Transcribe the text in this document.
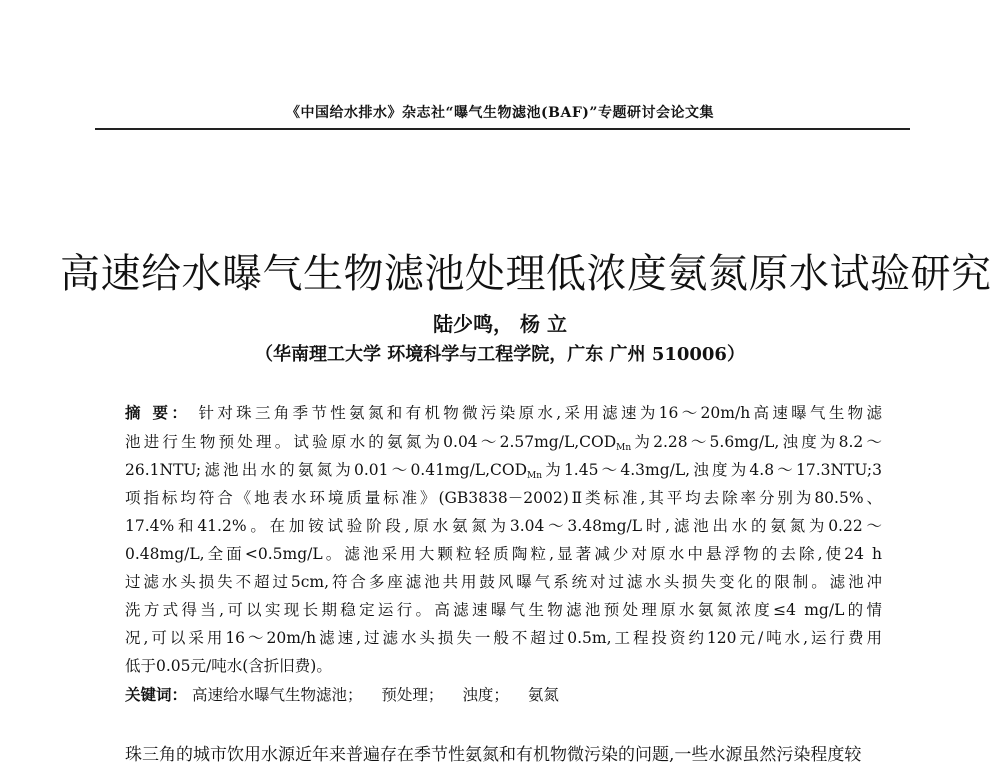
《中国给水排水》杂志社“曝气生物滤池(BAF)”专题研讨会论文集
高速给水曝气生物滤池处理低浓度氨氮原水试验研究
陆少鸣， 杨 立
（华南理工大学 环境科学与工程学院，广东 广州 510006）
摘 要： 针对珠三角季节性氨氮和有机物微污染原水,采用滤速为16～20m/h高速曝气生物滤
池进行生物预处理。试验原水的氨氮为$0.04\sim 2.57mg/L,COD_{Mn}$为2.28～5.6mg/L,浊度为8.2～
26.1NTU;滤池出水的氨氮为$0.01\sim 0.41mg/L,COD_{Mn}$为1.45～4.3mg/L,浊度为4.8～17.3NTU;3
项指标均符合《地表水环境质量标准》(GB3838－2002)Ⅱ类标准,其平均去除率分别为80.5%、
17.4%和41.2%。在加铵试验阶段,原水氨氮为3.04～3.48mg/L时,滤池出水的氨氮为0.22～
0.48mg/L,全面<0.5mg/L。滤池采用大颗粒轻质陶粒,显著减少对原水中悬浮物的去除,使24 h
过滤水头损失不超过5cm,符合多座滤池共用鼓风曝气系统对过滤水头损失变化的限制。滤池冲
洗方式得当,可以实现长期稳定运行。高滤速曝气生物滤池预处理原水氨氮浓度≤4 mg/L的情
况,可以采用16～20m/h滤速,过滤水头损失一般不超过0.5m,工程投资约120元/吨水,运行费用
低于0.05元/吨水(含折旧费)。
关键词： 高速给水曝气生物滤池； 预处理； 浊度； 氨氮
珠三角的城市饮用水源近年来普遍存在季节性氨氮和有机物微污染的问题,一些水源虽然污染程度较
